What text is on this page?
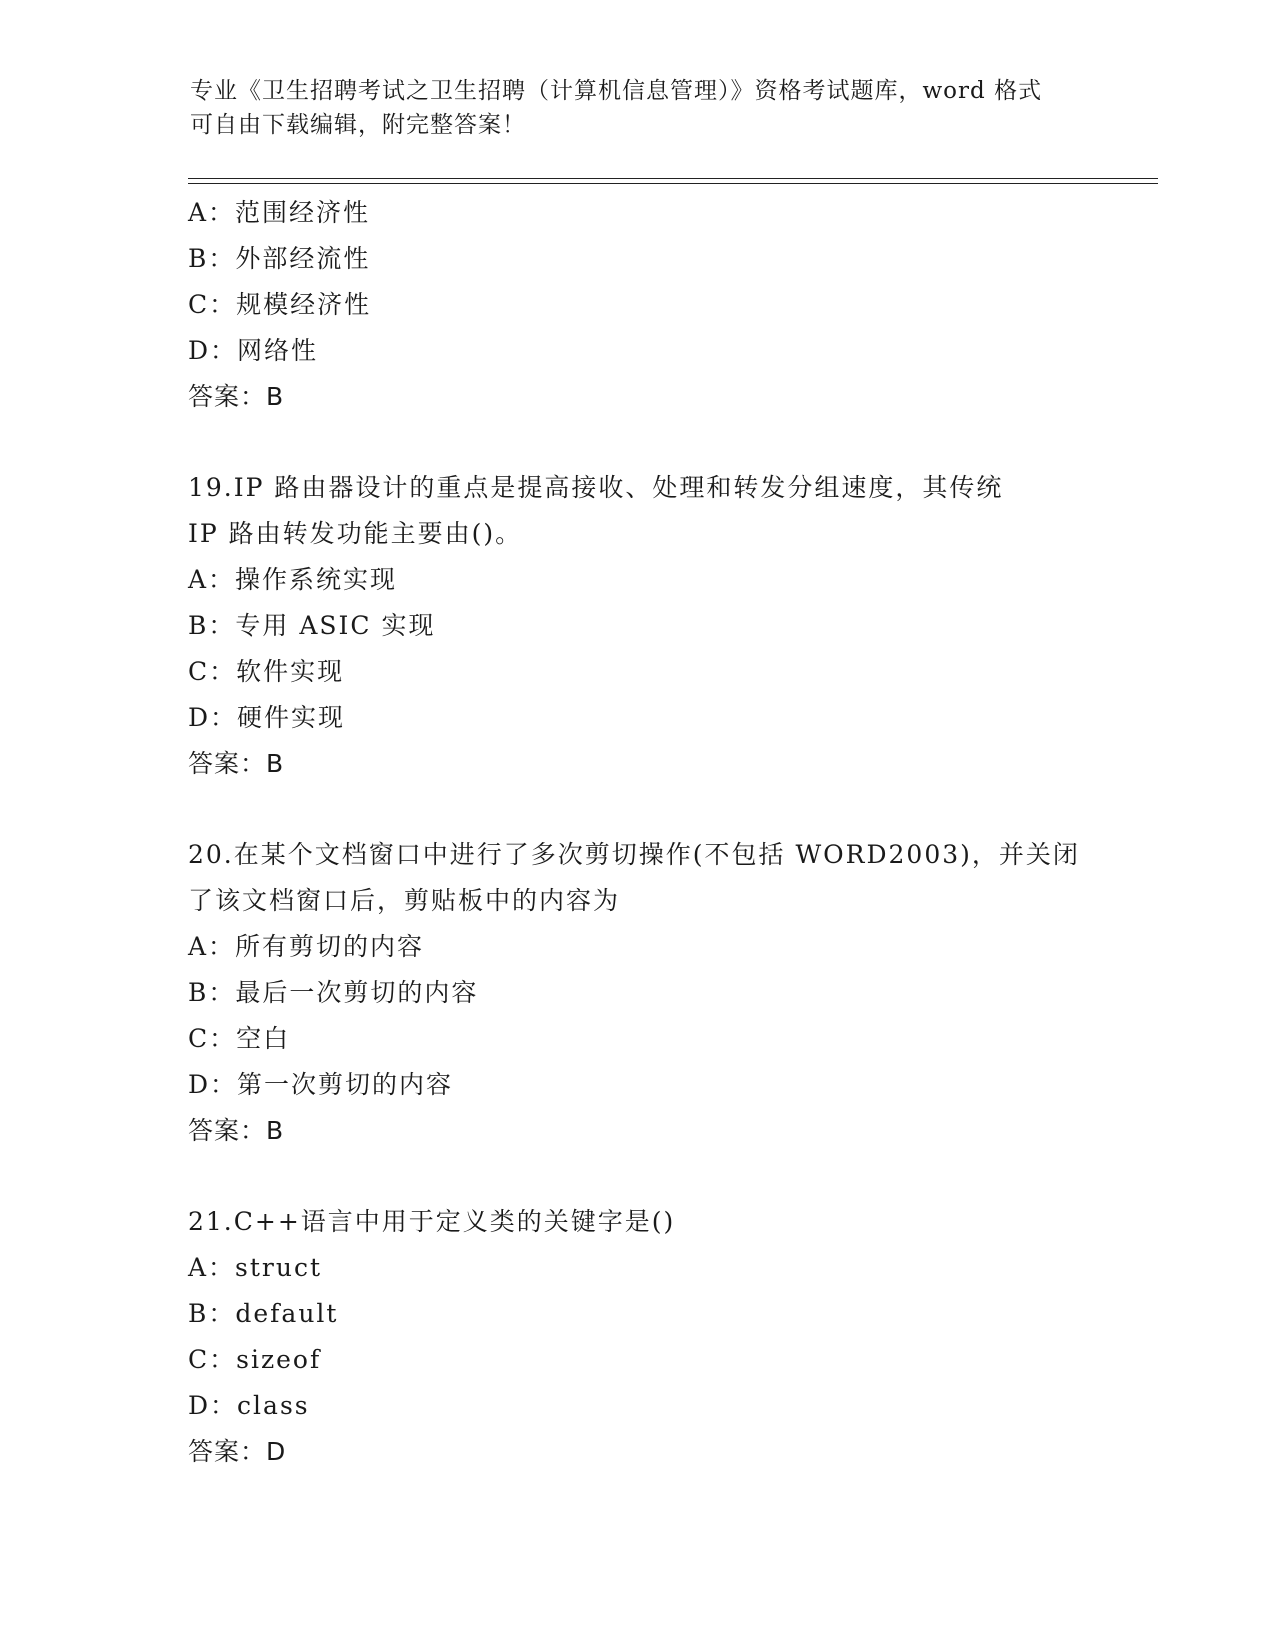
专业《卫生招聘考试之卫生招聘（计算机信息管理）》资格考试题库，word 格式
可自由下载编辑，附完整答案！
A：范围经济性
B：外部经流性
C：规模经济性
D：网络性
答案：B
19.IP 路由器设计的重点是提高接收、处理和转发分组速度，其传统
IP 路由转发功能主要由()。
A：操作系统实现
B：专用 ASIC 实现
C：软件实现
D：硬件实现
答案：B
20.在某个文档窗口中进行了多次剪切操作(不包括 WORD2003)，并关闭
了该文档窗口后，剪贴板中的内容为
A：所有剪切的内容
B：最后一次剪切的内容
C：空白
D：第一次剪切的内容
答案：B
21.C++语言中用于定义类的关键字是()
A：struct
B：default
C：sizeof
D：class
答案：D
